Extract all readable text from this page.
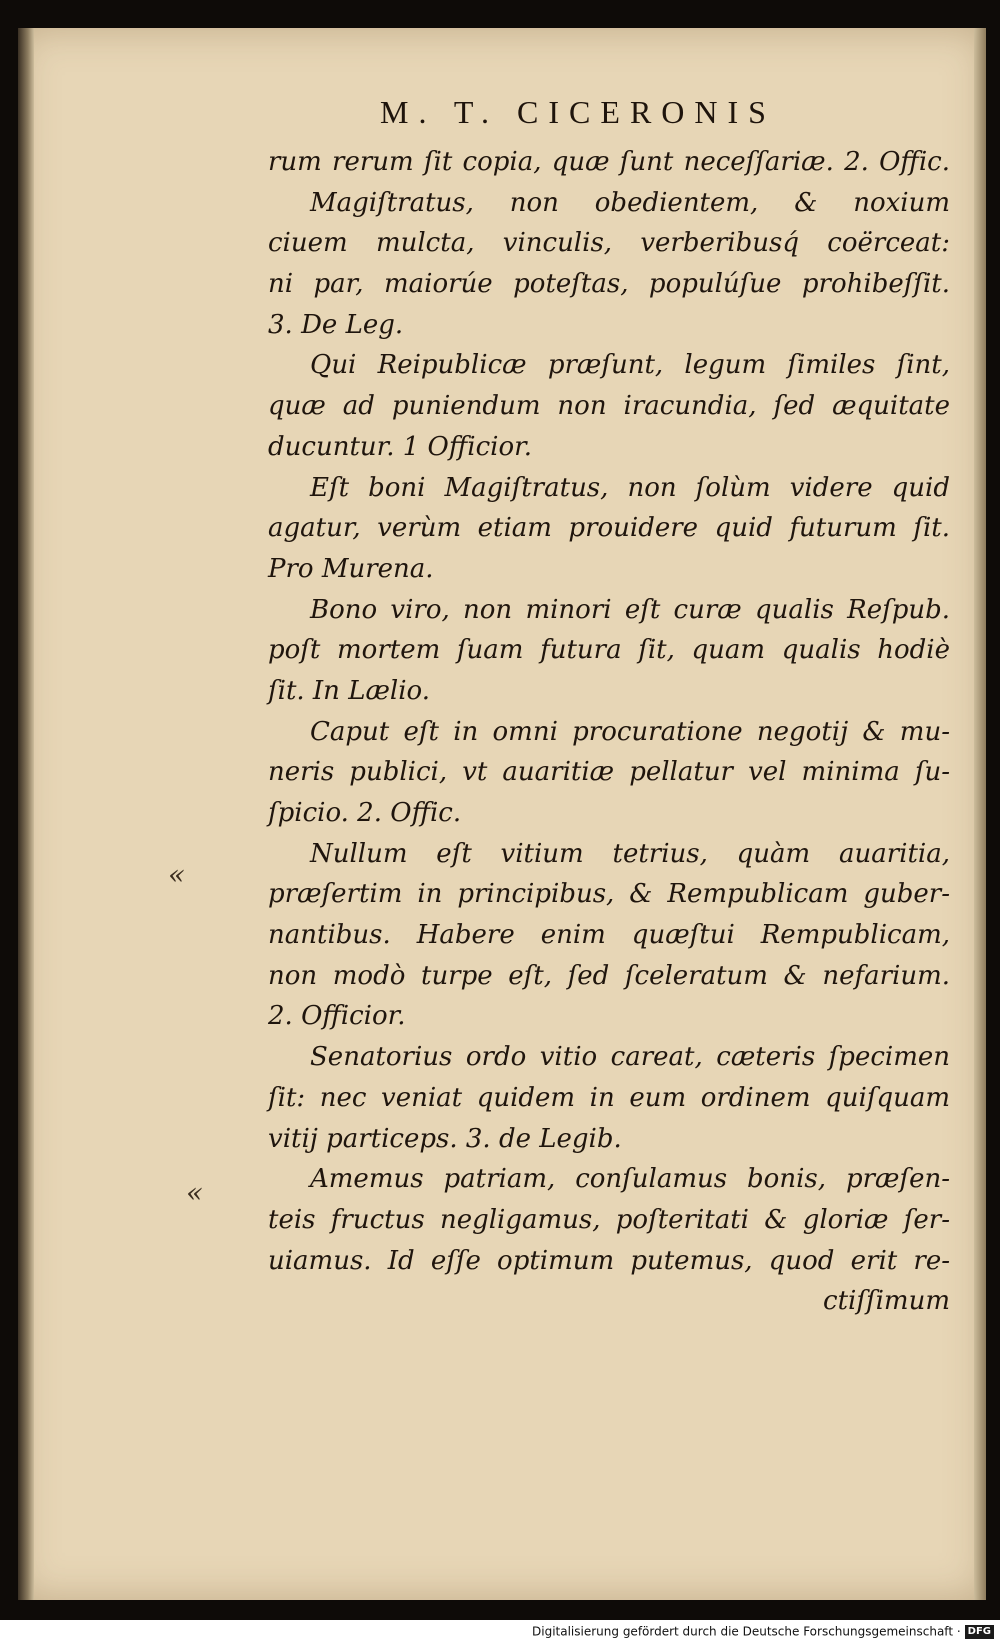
M. T. CICERONIS
rum rerum ſit copia, quæ ſunt neceſſariæ. 2. Offic.
Magiſtratus, non obedientem, & noxium
ciuem mulcta, vinculis, verberibusq́ coërceat:
ni par, maiorúe poteſtas, populúſue prohibeſſit.
3. De Leg.
Qui Reipublicæ præſunt, legum ſimiles ſint,
quæ ad puniendum non iracundia, ſed æquitate
ducuntur. 1 Officior.
Eſt boni Magiſtratus, non ſolùm videre quid
agatur, verùm etiam prouidere quid futurum ſit.
Pro Murena.
Bono viro, non minori eſt curæ qualis Reſpub.
poſt mortem ſuam futura ſit, quam qualis hodiè
ſit. In Lælio.
Caput eſt in omni procuratione negotij & mu-
neris publici, vt auaritiæ pellatur vel minima ſu-
ſpicio. 2. Offic.
Nullum eſt vitium tetrius, quàm auaritia,
præſertim in principibus, & Rempublicam guber-
nantibus. Habere enim quæſtui Rempublicam,
non modò turpe eſt, ſed ſceleratum & nefarium.
2. Officior.
Senatorius ordo vitio careat, cæteris ſpecimen
ſit: nec veniat quidem in eum ordinem quiſquam
vitij particeps. 3. de Legib.
Amemus patriam, conſulamus bonis, præſen-
teis fructus negligamus, poſteritati & gloriæ ſer-
uiamus. Id eſſe optimum putemus, quod erit re-
ctiſſimum
«
«
Digitalisierung gefördert durch die Deutsche Forschungsgemeinschaft · DFG
